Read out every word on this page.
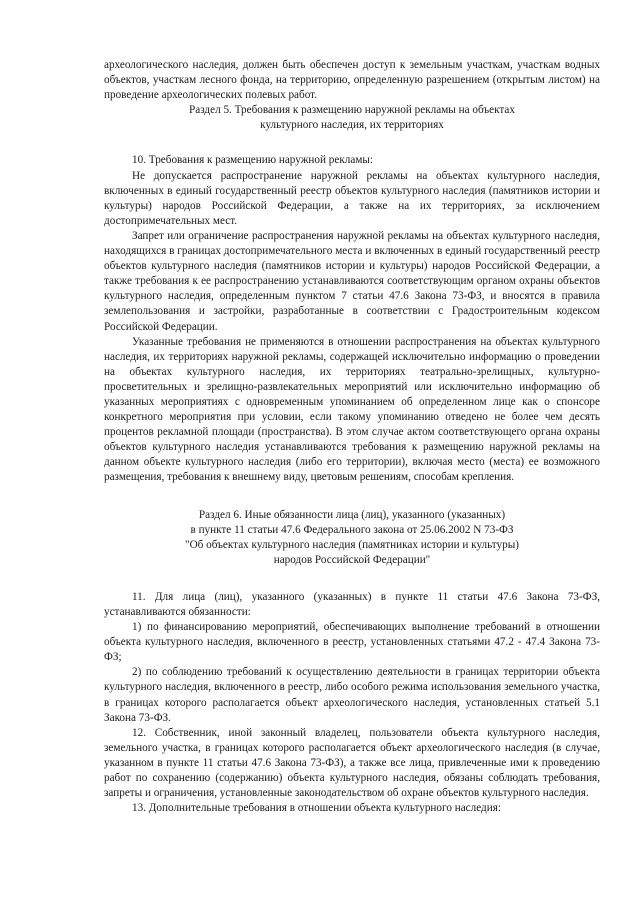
археологического наследия, должен быть обеспечен доступ к земельным участкам, участкам водных объектов, участкам лесного фонда, на территорию, определенную разрешением (открытым листом) на проведение археологических полевых работ.

Раздел 5. Требования к размещению наружной рекламы на объектах

культурного наследия, их территориях

10. Требования к размещению наружной рекламы:

Не допускается распространение наружной рекламы на объектах культурного наследия, включенных в единый государственный реестр объектов культурного наследия (памятников истории и культуры) народов Российской Федерации, а также на их территориях, за исключением достопримечательных мест.

Запрет или ограничение распространения наружной рекламы на объектах культурного наследия, находящихся в границах достопримечательного места и включенных в единый государственный реестр объектов культурного наследия (памятников истории и культуры) народов Российской Федерации, а также требования к ее распространению устанавливаются соответствующим органом охраны объектов культурного наследия, определенным пунктом 7 статьи 47.6 Закона 73-ФЗ, и вносятся в правила землепользования и застройки, разработанные в соответствии с Градостроительным кодексом Российской Федерации.

Указанные требования не применяются в отношении распространения на объектах культурного наследия, их территориях наружной рекламы, содержащей исключительно информацию о проведении на объектах культурного наследия, их территориях театрально-зрелищных, культурно-просветительных и зрелищно-развлекательных мероприятий или исключительно информацию об указанных мероприятиях с одновременным упоминанием об определенном лице как о спонсоре конкретного мероприятия при условии, если такому упоминанию отведено не более чем десять процентов рекламной площади (пространства). В этом случае актом соответствующего органа охраны объектов культурного наследия устанавливаются требования к размещению наружной рекламы на данном объекте культурного наследия (либо его территории), включая место (места) ее возможного размещения, требования к внешнему виду, цветовым решениям, способам крепления.

Раздел 6. Иные обязанности лица (лиц), указанного (указанных)

в пункте 11 статьи 47.6 Федерального закона от 25.06.2002 N 73-ФЗ

"Об объектах культурного наследия (памятниках истории и культуры)

народов Российской Федерации"

11. Для лица (лиц), указанного (указанных) в пункте 11 статьи 47.6 Закона 73-ФЗ, устанавливаются обязанности:

1) по финансированию мероприятий, обеспечивающих выполнение требований в отношении объекта культурного наследия, включенного в реестр, установленных статьями 47.2 - 47.4 Закона 73-ФЗ;

2) по соблюдению требований к осуществлению деятельности в границах территории объекта культурного наследия, включенного в реестр, либо особого режима использования земельного участка, в границах которого располагается объект археологического наследия, установленных статьей 5.1 Закона 73-ФЗ.

12. Собственник, иной законный владелец, пользователи объекта культурного наследия, земельного участка, в границах которого располагается объект археологического наследия (в случае, указанном в пункте 11 статьи 47.6 Закона 73-ФЗ), а также все лица, привлеченные ими к проведению работ по сохранению (содержанию) объекта культурного наследия, обязаны соблюдать требования, запреты и ограничения, установленные законодательством об охране объектов культурного наследия.

13. Дополнительные требования в отношении объекта культурного наследия:
